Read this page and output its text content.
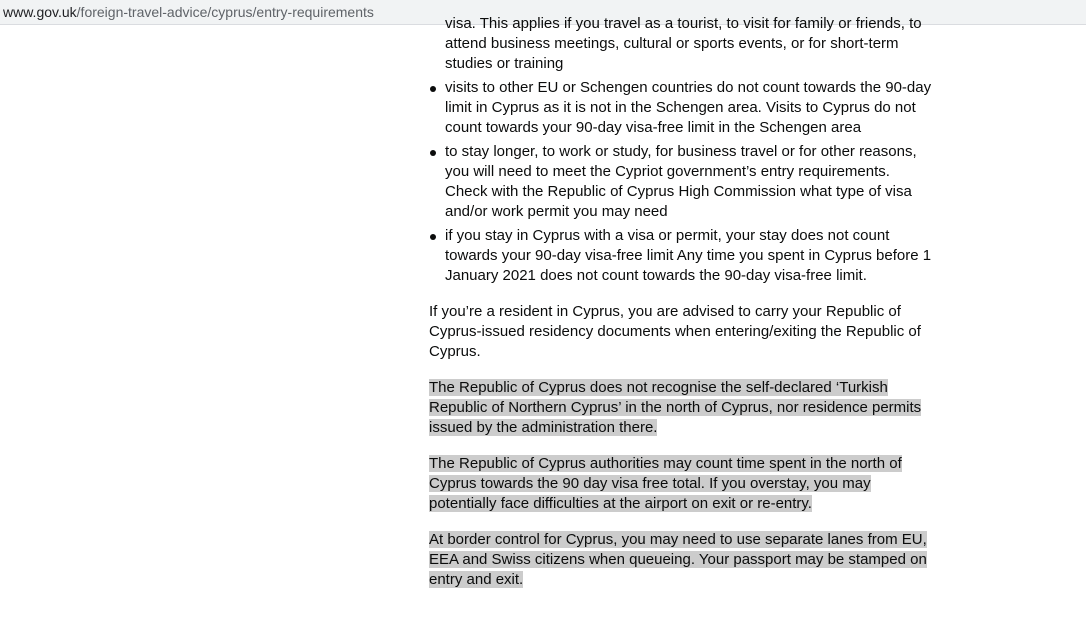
www.gov.uk/foreign-travel-advice/cyprus/entry-requirements
visa. This applies if you travel as a tourist, to visit for family or friends, to attend business meetings, cultural or sports events, or for short-term studies or training
visits to other EU or Schengen countries do not count towards the 90-day limit in Cyprus as it is not in the Schengen area. Visits to Cyprus do not count towards your 90-day visa-free limit in the Schengen area
to stay longer, to work or study, for business travel or for other reasons, you will need to meet the Cypriot government’s entry requirements. Check with the Republic of Cyprus High Commission what type of visa and/or work permit you may need
if you stay in Cyprus with a visa or permit, your stay does not count towards your 90-day visa-free limit Any time you spent in Cyprus before 1 January 2021 does not count towards the 90-day visa-free limit.

If you’re a resident in Cyprus, you are advised to carry your Republic of Cyprus-issued residency documents when entering/exiting the Republic of Cyprus.

The Republic of Cyprus does not recognise the self-declared ‘Turkish Republic of Northern Cyprus’ in the north of Cyprus, nor residence permits issued by the administration there.

The Republic of Cyprus authorities may count time spent in the north of Cyprus towards the 90 day visa free total. If you overstay, you may potentially face difficulties at the airport on exit or re-entry.

At border control for Cyprus, you may need to use separate lanes from EU, EEA and Swiss citizens when queueing. Your passport may be stamped on entry and exit.
